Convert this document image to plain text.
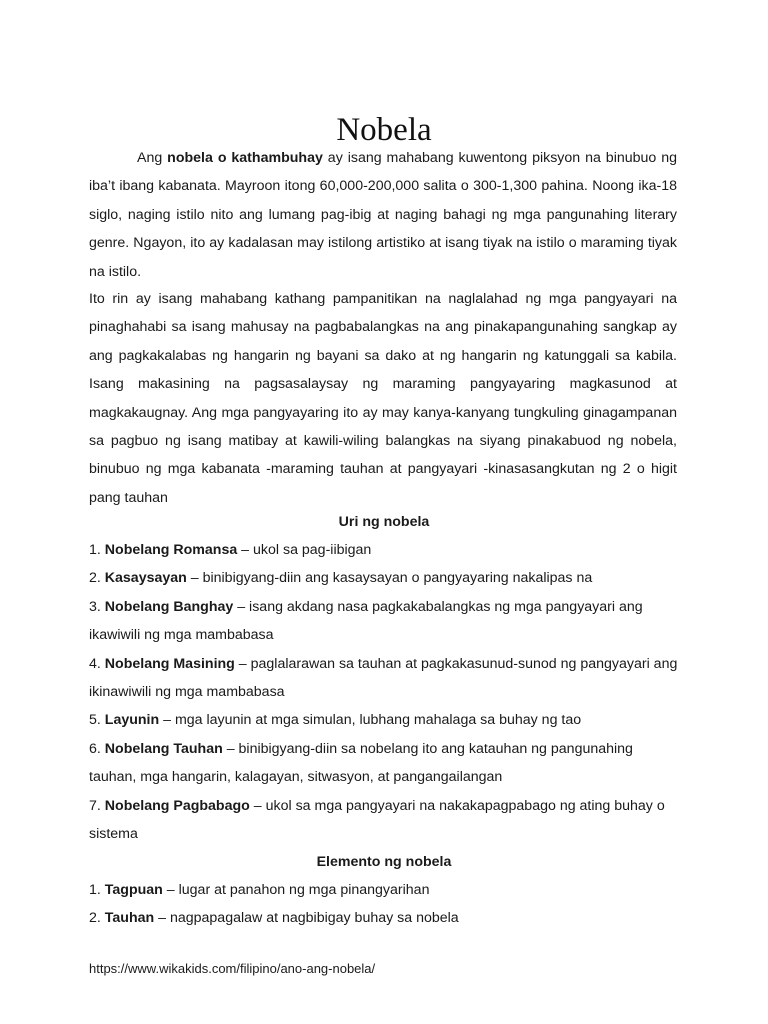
Nobela

Ang nobela o kathambuhay ay isang mahabang kuwentong piksyon na binubuo ng iba’t ibang kabanata. Mayroon itong 60,000-200,000 salita o 300-1,300 pahina. Noong ika-18 siglo, naging istilo nito ang lumang pag-ibig at naging bahagi ng mga pangunahing literary genre. Ngayon, ito ay kadalasan may istilong artistiko at isang tiyak na istilo o maraming tiyak na istilo.

Ito rin ay isang mahabang kathang pampanitikan na naglalahad ng mga pangyayari na pinaghahabi sa isang mahusay na pagbabalangkas na ang pinakapangunahing sangkap ay ang pagkakalabas ng hangarin ng bayani sa dako at ng hangarin ng katunggali sa kabila. Isang makasining na pagsasalaysay ng maraming pangyayaring magkasunod at magkakaugnay. Ang mga pangyayaring ito ay may kanya-kanyang tungkuling ginagampanan sa pagbuo ng isang matibay at kawili-wiling balangkas na siyang pinakabuod ng nobela, binubuo ng mga kabanata -maraming tauhan at pangyayari -kinasasangkutan ng 2 o higit pang tauhan

Uri ng nobela
1. Nobelang Romansa – ukol sa pag-iibigan
2. Kasaysayan – binibigyang-diin ang kasaysayan o pangyayaring nakalipas na
3. Nobelang Banghay – isang akdang nasa pagkakabalangkas ng mga pangyayari ang ikawiwili ng mga mambabasa
4. Nobelang Masining – paglalarawan sa tauhan at pagkakasunud-sunod ng pangyayari ang ikinawiwili ng mga mambabasa
5. Layunin – mga layunin at mga simulan, lubhang mahalaga sa buhay ng tao
6. Nobelang Tauhan – binibigyang-diin sa nobelang ito ang katauhan ng pangunahing tauhan, mga hangarin, kalagayan, sitwasyon, at pangangailangan
7. Nobelang Pagbabago – ukol sa mga pangyayari na nakakapagpabago ng ating buhay o sistema
Elemento ng nobela
1. Tagpuan – lugar at panahon ng mga pinangyarihan
2. Tauhan – nagpapagalaw at nagbibigay buhay sa nobela
https://www.wikakids.com/filipino/ano-ang-nobela/
